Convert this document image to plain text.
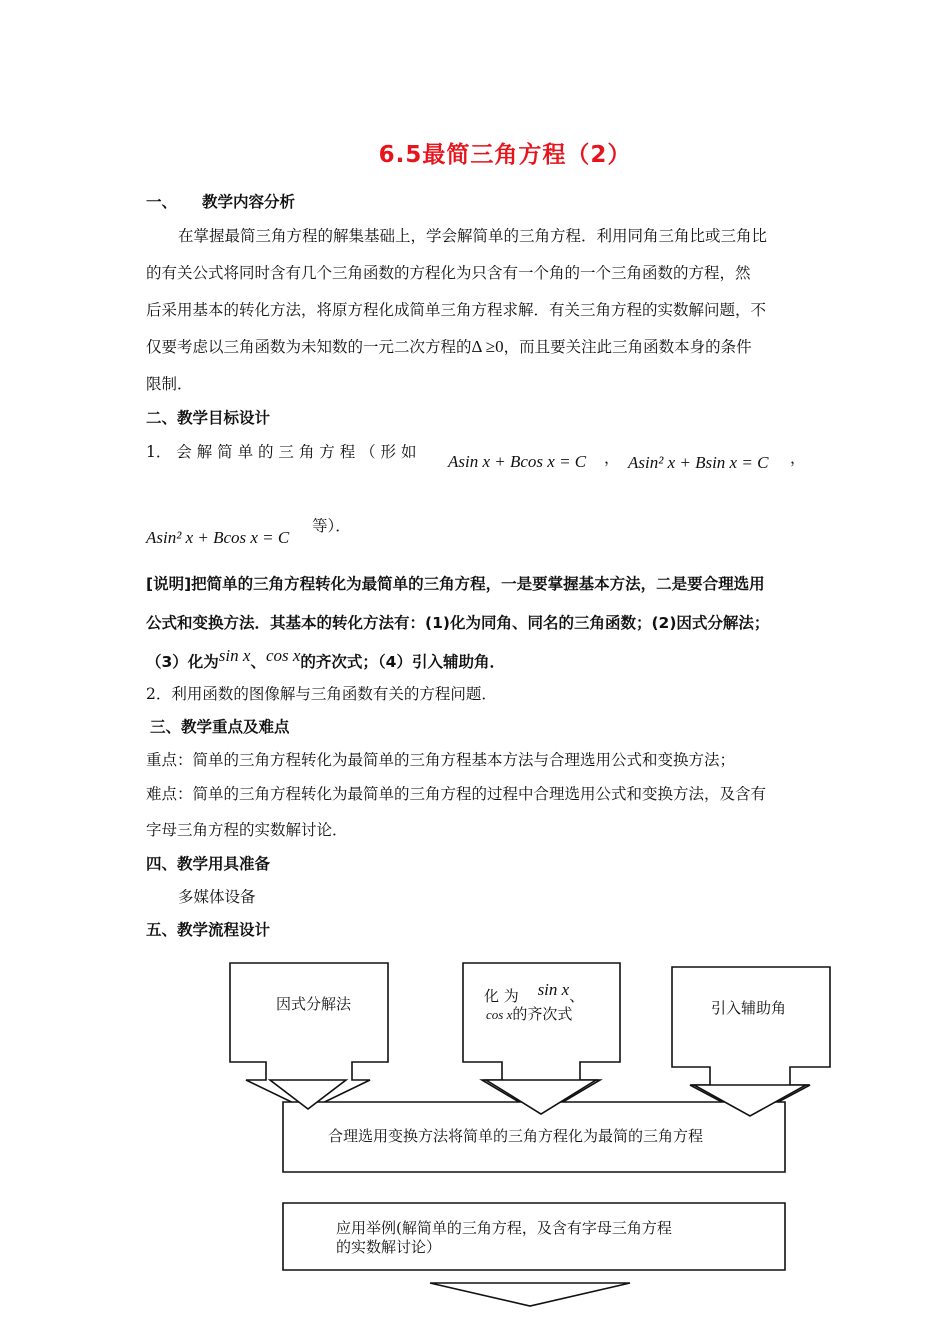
6.5最简三角方程（2）
一、 教学内容分析
在掌握最简三角方程的解集基础上，学会解简单的三角方程．利用同角三角比或三角比
的有关公式将同时含有几个三角函数的方程化为只含有一个角的一个三角函数的方程，然
后采用基本的转化方法，将原方程化成简单三角方程求解．有关三角方程的实数解问题，不
仅要考虑以三角函数为未知数的一元二次方程的Δ ≥0，而且要关注此三角函数本身的条件
限制．
二、教学目标设计
1． 会 解 简 单 的 三 角 方 程 （ 形 如 Asin x + Bcos x = C ， Asin² x + Bsin x = C ，
Asin² x + Bcos x = C
等）．
[说明]把简单的三角方程转化为最简单的三角方程，一是要掌握基本方法，二是要合理选用
公式和变换方法．其基本的转化方法有：(1)化为同角、同名的三角函数；(2)因式分解法；
（3）化为sin x、cos x的齐次式；（4）引入辅助角．
2．利用函数的图像解与三角函数有关的方程问题．
三、教学重点及难点
重点：简单的三角方程转化为最简单的三角方程基本方法与合理选用公式和变换方法；
难点：简单的三角方程转化为最简单的三角方程的过程中合理选用公式和变换方法，及含有
字母三角方程的实数解讨论．
四、教学用具准备
多媒体设备
五、教学流程设计
因式分解法	化 为 sin x、
cos x的齐次式	引入辅助角
合理选用变换方法将简单的三角方程化为最简的三角方程
应用举例(解简单的三角方程，及含有字母三角方程
的实数解讨论）
